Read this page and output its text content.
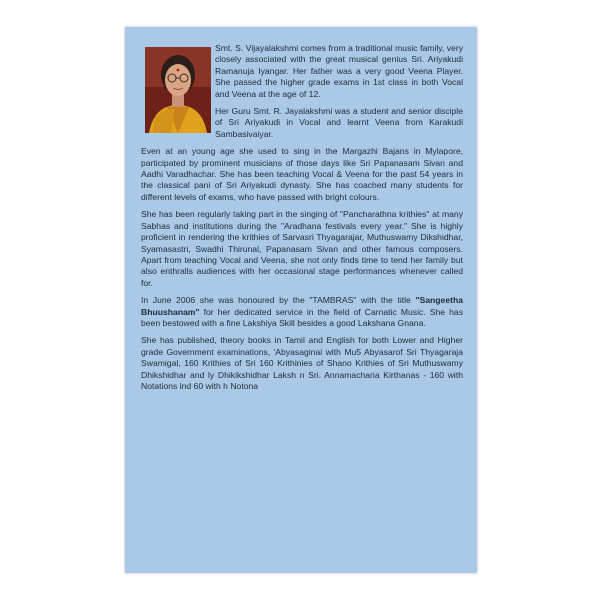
Smt. S. Vijayalakshmi comes from a traditional music family, very closely associated with the great musical genius Sri. Ariyakudi Ramanuja Iyangar. Her father was a very good Veena Player. She passed the higher grade exams in 1st class in both Vocal and Veena at the age of 12.

Her Guru Smt. R. Jayalakshmi was a student and senior disciple of Sri Ariyakudi in Vocal and learnt Veena from Karakudi Sambasivaiyar.

Even at an young age she used to sing in the Margazhi Bajans in Mylapore, participated by prominent musicians of those days like Sri Papanasam Sivan and Aadhi Varadhachar. She has been teaching Vocal & Veena for the past 54 years in the classical pani of Sri Ariyakudi dynasty. She has coached many students for different levels of exams, who have passed with bright colours.

She has been regularly taking part in the singing of "Pancharathna krithies" at many Sabhas and institutions during the "Aradhana festivals every year." She is highly proficient in rendering the krithies of Sarvasri Thyagarajar, Muthuswamy Dikshidhar, Syamasastri, Swadhi Thirunal, Papanasam Sivan and other famous composers. Apart from teaching Vocal and Veena, she not only finds time to tend her family but also enthralls audiences with her occasional stage performances whenever called for.

In June 2006 she was honoured by the "TAMBRAS" with the title "Sangeetha Bhuushanam" for her dedicated service in the field of Carnatic Music. She has been bestowed with a fine Lakshiya Skill besides a good Lakshana Gnana.

She has published, theory books in Tamil and English for both Lower and Higher grade Government examinations, 'Abyasaginai with Mu5 Abyasarof Sri Thyagaraja Swamigal, 160 Krithies of Sri 160 Krithinies of Shano Krithies of Sri Muthuswamy Dhikshidhar and ly Dhikikshidhar Laksh n Sri. Annamacharia Kirthanas - 160 with Notations ind 60 with h Notona
